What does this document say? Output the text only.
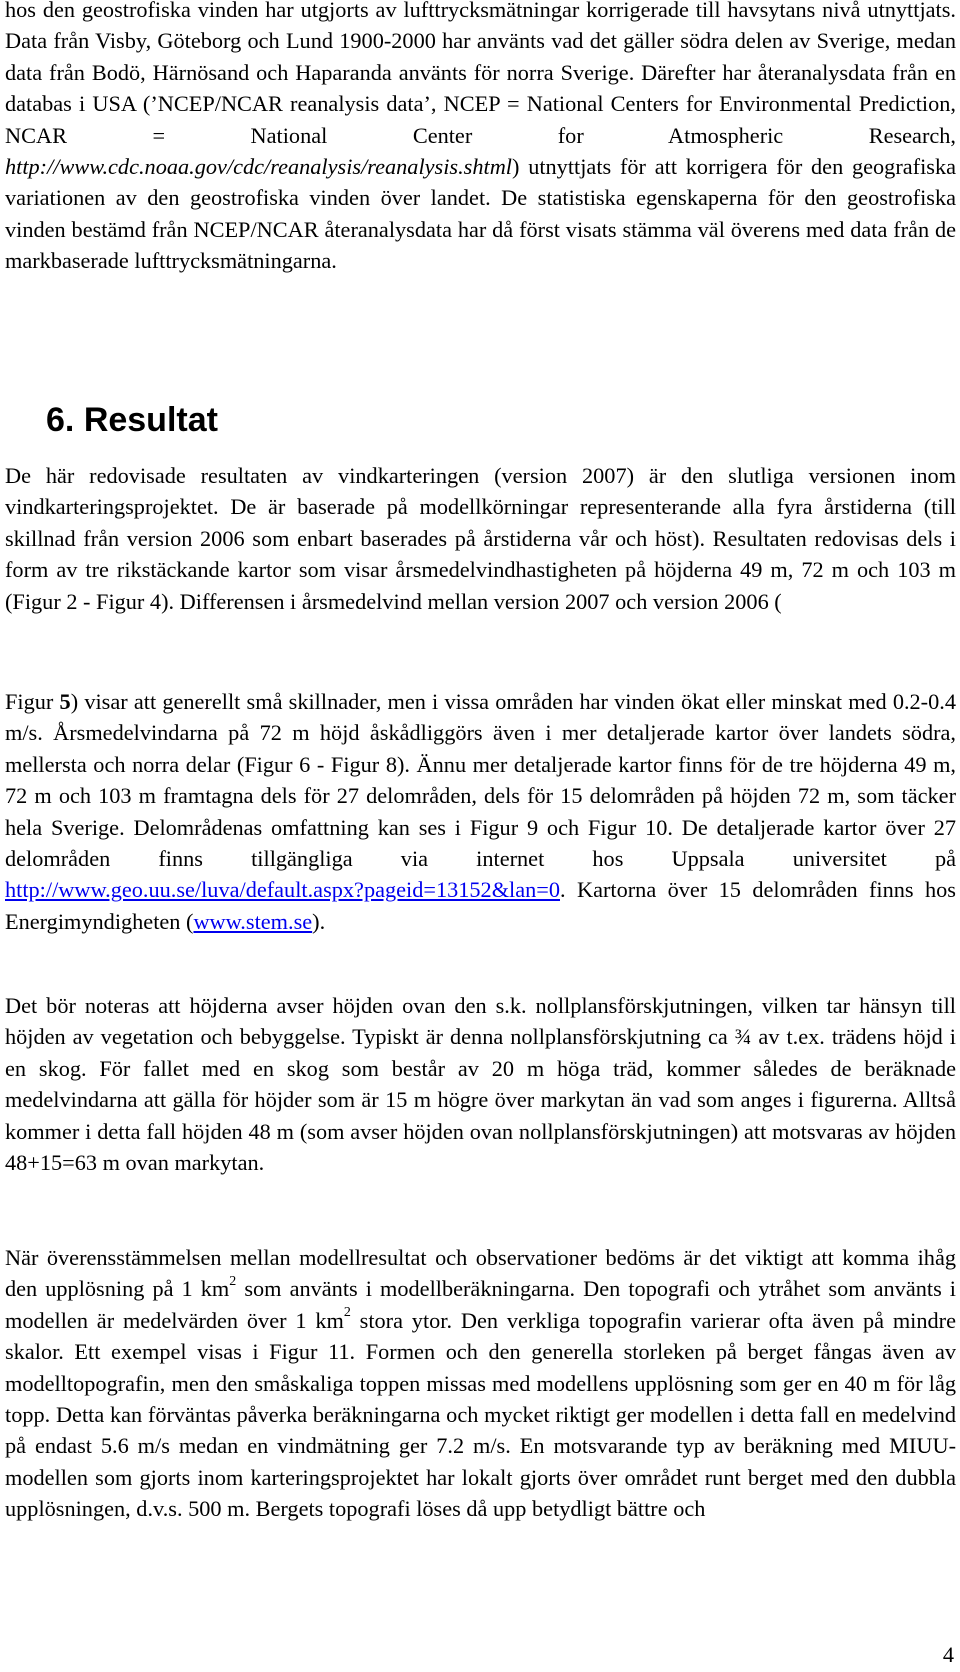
hos den geostrofiska vinden har utgjorts av lufttrycksmätningar korrigerade till havsytans nivå utnyttjats. Data från Visby, Göteborg och Lund 1900-2000 har använts vad det gäller södra delen av Sverige, medan data från Bodö, Härnösand och Haparanda använts för norra Sverige. Därefter har återanalysdata från en databas i USA (’NCEP/NCAR reanalysis data’, NCEP = National Centers for Environmental Prediction, NCAR = National Center for Atmospheric Research, http://www.cdc.noaa.gov/cdc/reanalysis/reanalysis.shtml) utnyttjats för att korrigera för den geografiska variationen av den geostrofiska vinden över landet. De statistiska egenskaperna för den geostrofiska vinden bestämd från NCEP/NCAR återanalysdata har då först visats stämma väl överens med data från de markbaserade lufttrycksmätningarna.

6. Resultat

De här redovisade resultaten av vindkarteringen (version 2007) är den slutliga versionen inom vindkarteringsprojektet. De är baserade på modellkörningar representerande alla fyra årstiderna (till skillnad från version 2006 som enbart baserades på årstiderna vår och höst). Resultaten redovisas dels i form av tre rikstäckande kartor som visar årsmedelvindhastigheten på höjderna 49 m, 72 m och 103 m (Figur 2 - Figur 4). Differensen i årsmedelvind mellan version 2007 och version 2006 (

Figur 5) visar att generellt små skillnader, men i vissa områden har vinden ökat eller minskat med 0.2-0.4 m/s. Årsmedelvindarna på 72 m höjd åskådliggörs även i mer detaljerade kartor över landets södra, mellersta och norra delar (Figur 6 - Figur 8). Ännu mer detaljerade kartor finns för de tre höjderna 49 m, 72 m och 103 m framtagna dels för 27 delområden, dels för 15 delområden på höjden 72 m, som täcker hela Sverige. Delområdenas omfattning kan ses i Figur 9 och Figur 10. De detaljerade kartor över 27 delområden finns tillgängliga via internet hos Uppsala universitet på http://www.geo.uu.se/luva/default.aspx?pageid=13152&lan=0. Kartorna över 15 delområden finns hos Energimyndigheten (www.stem.se).

Det bör noteras att höjderna avser höjden ovan den s.k. nollplansförskjutningen, vilken tar hänsyn till höjden av vegetation och bebyggelse. Typiskt är denna nollplansförskjutning ca ¾ av t.ex. trädens höjd i en skog. För fallet med en skog som består av 20 m höga träd, kommer således de beräknade medelvindarna att gälla för höjder som är 15 m högre över markytan än vad som anges i figurerna. Alltså kommer i detta fall höjden 48 m (som avser höjden ovan nollplansförskjutningen) att motsvaras av höjden 48+15=63 m ovan markytan.

När överensstämmelsen mellan modellresultat och observationer bedöms är det viktigt att komma ihåg den upplösning på 1 $km^2$ som använts i modellberäkningarna. Den topografi och ytråhet som använts i modellen är medelvärden över 1 $km^2$ stora ytor. Den verkliga topografin varierar ofta även på mindre skalor. Ett exempel visas i Figur 11. Formen och den generella storleken på berget fångas även av modelltopografin, men den småskaliga toppen missas med modellens upplösning som ger en 40 m för låg topp. Detta kan förväntas påverka beräkningarna och mycket riktigt ger modellen i detta fall en medelvind på endast 5.6 m/s medan en vindmätning ger 7.2 m/s. En motsvarande typ av beräkning med MIUU-modellen som gjorts inom karteringsprojektet har lokalt gjorts över området runt berget med den dubbla upplösningen, d.v.s. 500 m. Bergets topografi löses då upp betydligt bättre och

4
